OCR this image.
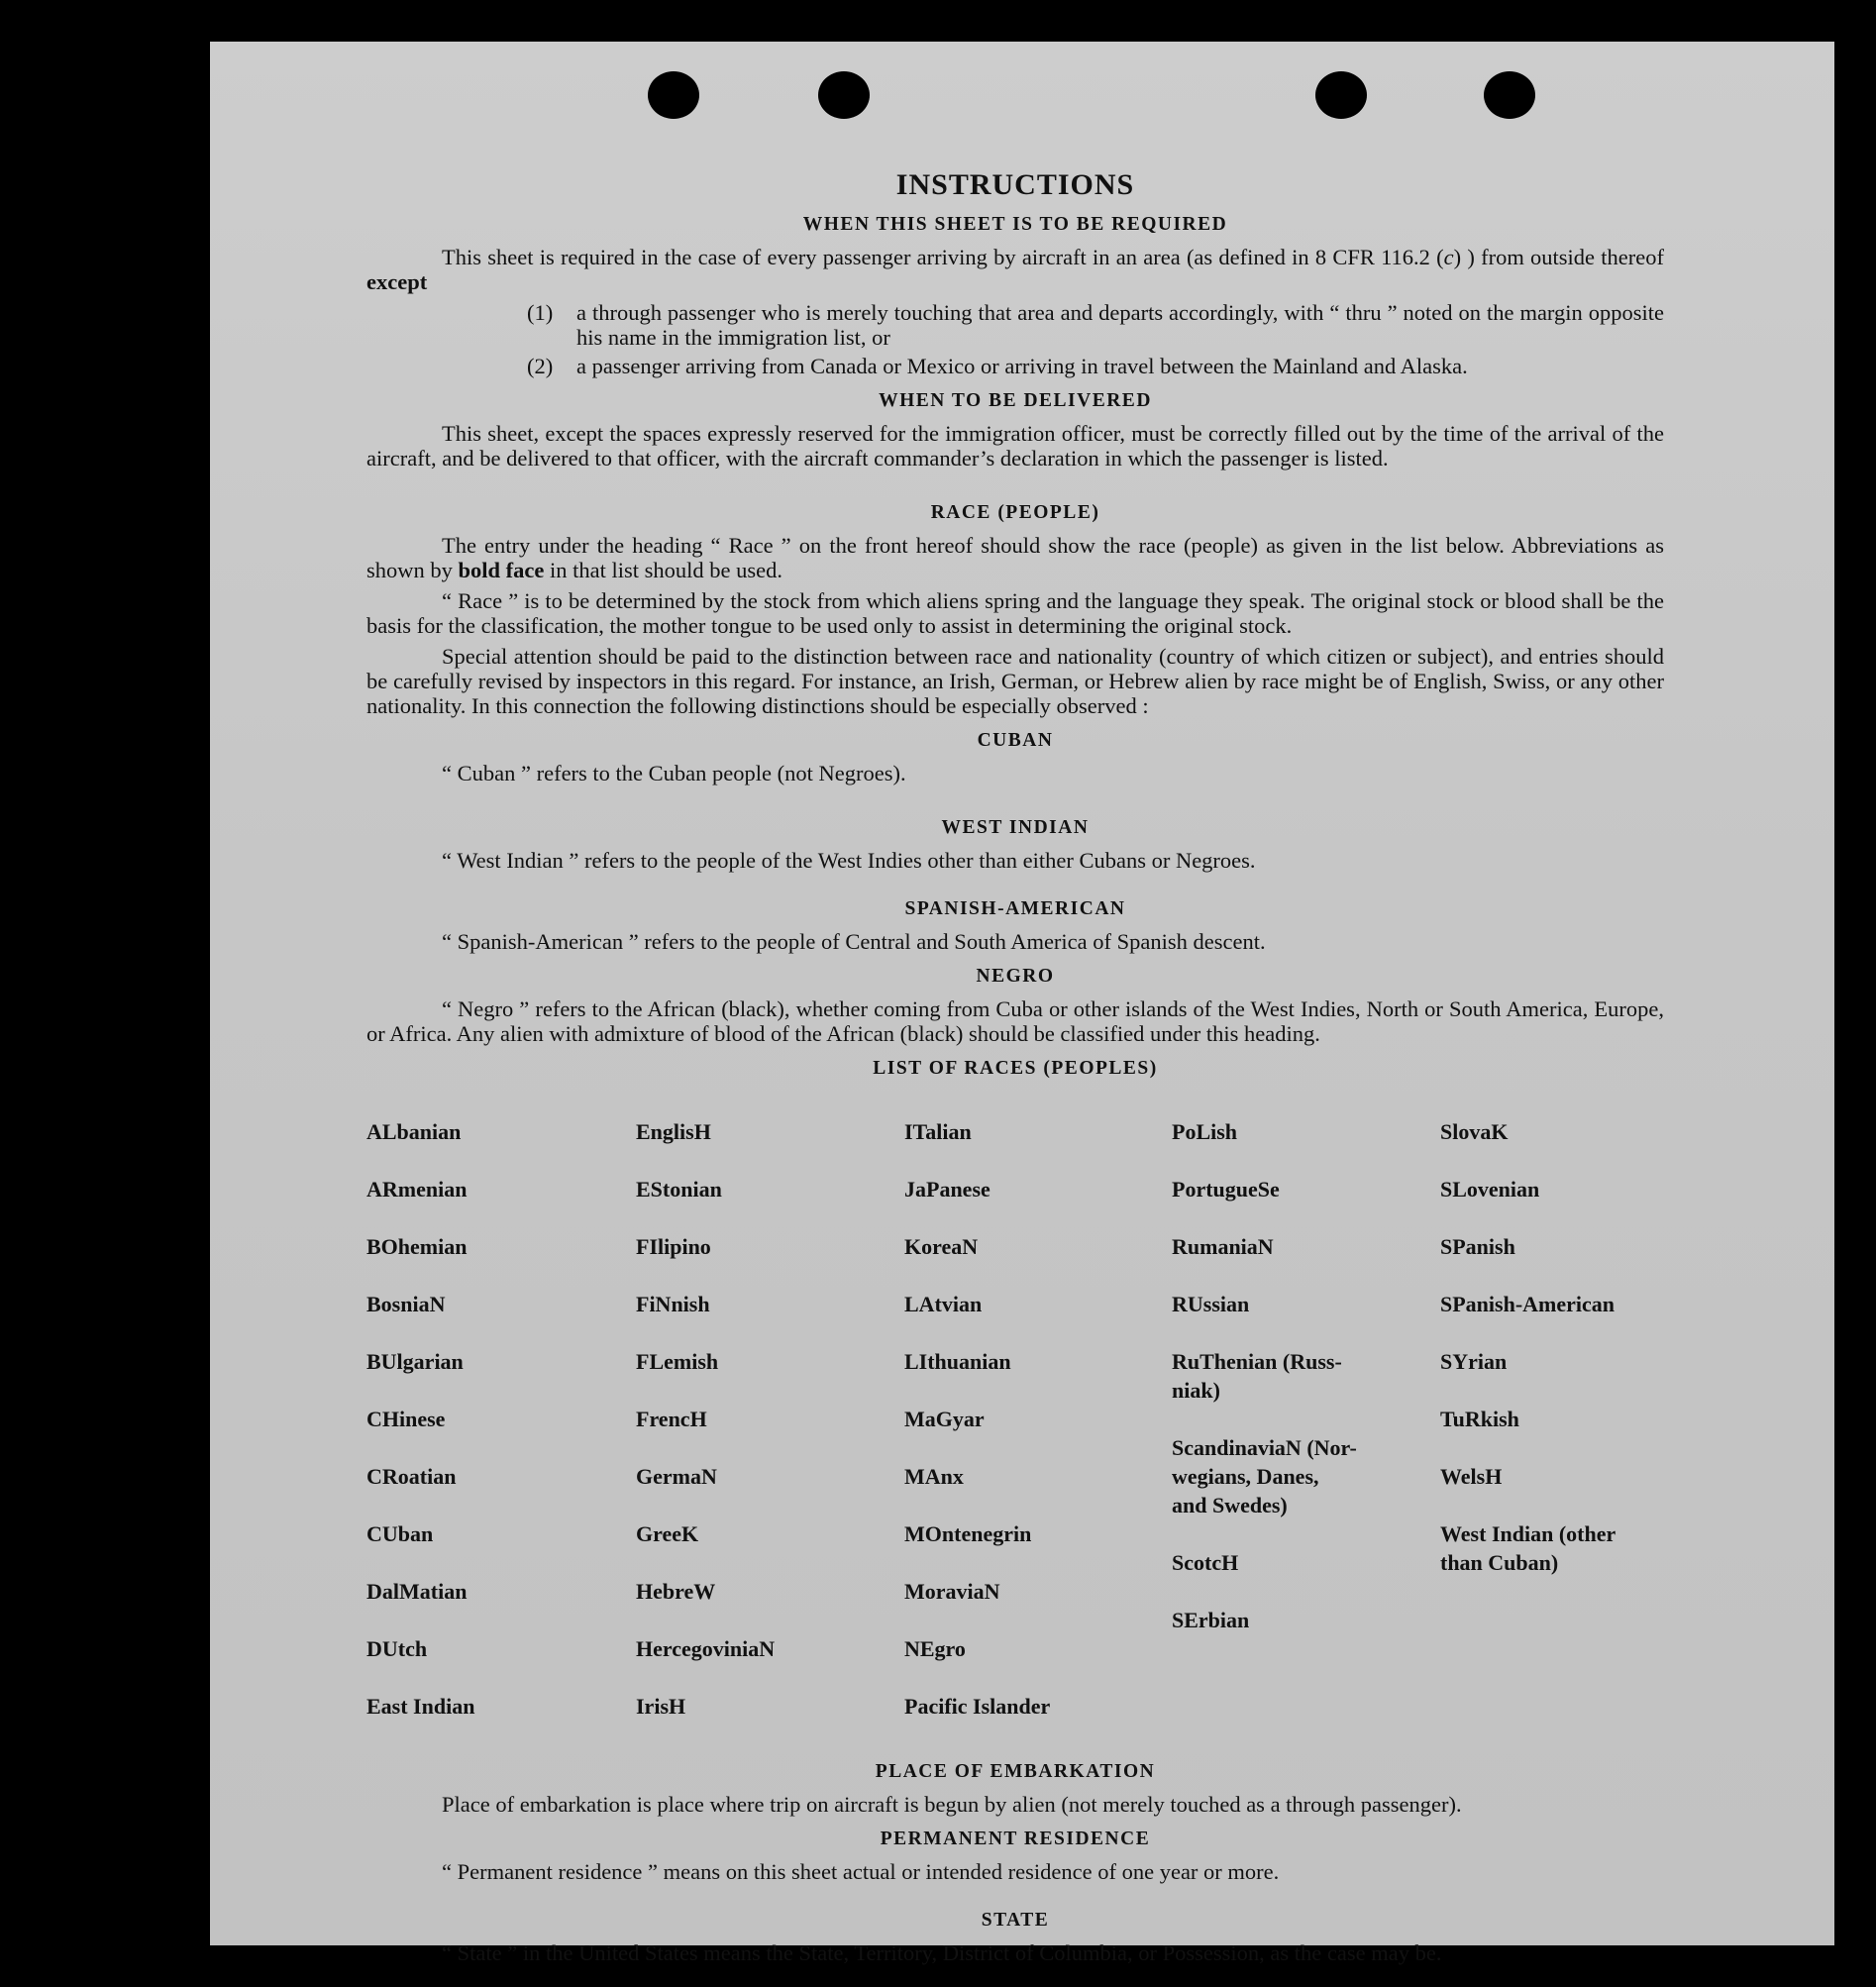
INSTRUCTIONS
WHEN THIS SHEET IS TO BE REQUIRED

This sheet is required in the case of every passenger arriving by aircraft in an area (as defined in 8 CFR 116.2 (c) ) from outside thereof except

(1)	a through passenger who is merely touching that area and departs accordingly, with “ thru ” noted on the margin opposite his name in the immigration list, or
(2)	a passenger arriving from Canada or Mexico or arriving in travel between the Mainland and Alaska.
WHEN TO BE DELIVERED

This sheet, except the spaces expressly reserved for the immigration officer, must be correctly filled out by the time of the arrival of the aircraft, and be delivered to that officer, with the aircraft commander’s declaration in which the passenger is listed.

RACE (PEOPLE)

The entry under the heading “ Race ” on the front hereof should show the race (people) as given in the list below. Abbreviations as shown by bold face in that list should be used.

“ Race ” is to be determined by the stock from which aliens spring and the language they speak. The original stock or blood shall be the basis for the classification, the mother tongue to be used only to assist in determining the original stock.

Special attention should be paid to the distinction between race and nationality (country of which citizen or subject), and entries should be carefully revised by inspectors in this regard. For instance, an Irish, German, or Hebrew alien by race might be of English, Swiss, or any other nationality. In this connection the following distinctions should be especially observed :

CUBAN

“ Cuban ” refers to the Cuban people (not Negroes).

WEST INDIAN

“ West Indian ” refers to the people of the West Indies other than either Cubans or Negroes.

SPANISH-AMERICAN

“ Spanish-American ” refers to the people of Central and South America of Spanish descent.

NEGRO

“ Negro ” refers to the African (black), whether coming from Cuba or other islands of the West Indies, North or South America, Europe, or Africa. Any alien with admixture of blood of the African (black) should be classified under this heading.

LIST OF RACES (PEOPLES)

ALbanian

ARmenian

BOhemian

BosniaN

BUlgarian

CHinese

CRoatian

CUban

DalMatian

DUtch

East Indian

EnglisH

EStonian

FIlipino

FiNnish

FLemish

FrencH

GermaN

GreeK

HebreW

HercegoviniaN

IrisH

ITalian

JaPanese

KoreaN

LAtvian

LIthuanian

MaGyar

MAnx

MOntenegrin

MoraviaN

NEgro

Pacific Islander

PoLish

PortugueSe

RumaniaN

RUssian

RuThenian (Russ-
niak)

ScandinaviaN (Nor-
wegians, Danes,
and Swedes)

ScotcH

SErbian

SlovaK

SLovenian

SPanish

SPanish-American

SYrian

TuRkish

WelsH

West Indian (other
than Cuban)

PLACE OF EMBARKATION

Place of embarkation is place where trip on aircraft is begun by alien (not merely touched as a through passenger).

PERMANENT RESIDENCE

“ Permanent residence ” means on this sheet actual or intended residence of one year or more.

STATE

“ State ” in the United States means the State, Territory, District of Columbia, or Possession, as the case may be.
